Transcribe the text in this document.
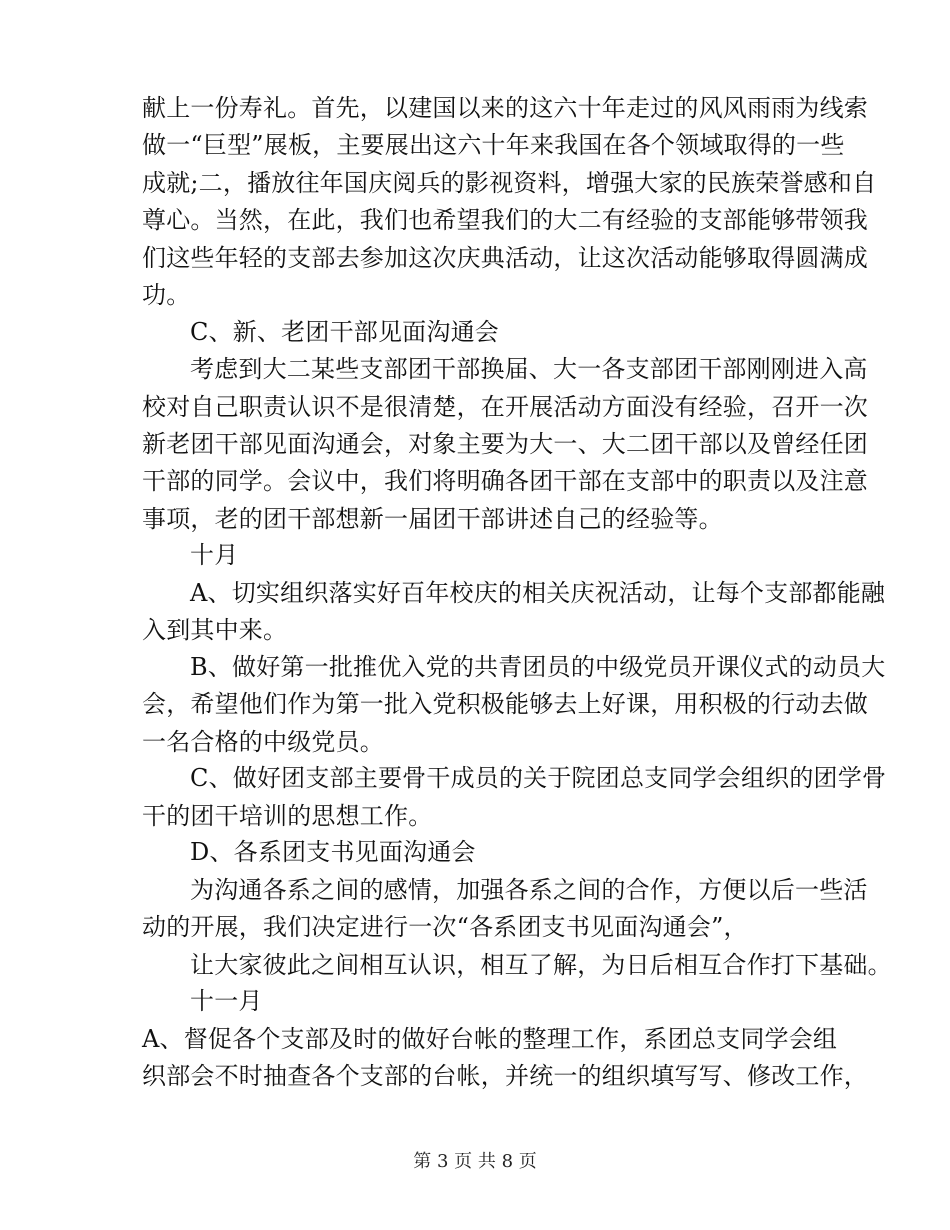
献上一份寿礼。首先，以建国以来的这六十年走过的风风雨雨为线索
做一“巨型”展板，主要展出这六十年来我国在各个领域取得的一些
成就;二，播放往年国庆阅兵的影视资料，增强大家的民族荣誉感和自
尊心。当然，在此，我们也希望我们的大二有经验的支部能够带领我
们这些年轻的支部去参加这次庆典活动，让这次活动能够取得圆满成
功。
C、新、老团干部见面沟通会
考虑到大二某些支部团干部换届、大一各支部团干部刚刚进入高
校对自己职责认识不是很清楚，在开展活动方面没有经验，召开一次
新老团干部见面沟通会，对象主要为大一、大二团干部以及曾经任团
干部的同学。会议中，我们将明确各团干部在支部中的职责以及注意
事项，老的团干部想新一届团干部讲述自己的经验等。
十月
A、切实组织落实好百年校庆的相关庆祝活动，让每个支部都能融
入到其中来。
B、做好第一批推优入党的共青团员的中级党员开课仪式的动员大
会，希望他们作为第一批入党积极能够去上好课，用积极的行动去做
一名合格的中级党员。
C、做好团支部主要骨干成员的关于院团总支同学会组织的团学骨
干的团干培训的思想工作。
D、各系团支书见面沟通会
为沟通各系之间的感情，加强各系之间的合作，方便以后一些活
动的开展，我们决定进行一次“各系团支书见面沟通会”，
让大家彼此之间相互认识，相互了解，为日后相互合作打下基础。
十一月
A、督促各个支部及时的做好台帐的整理工作，系团总支同学会组
织部会不时抽查各个支部的台帐，并统一的组织填写写、修改工作，
第 3 页 共 8 页
